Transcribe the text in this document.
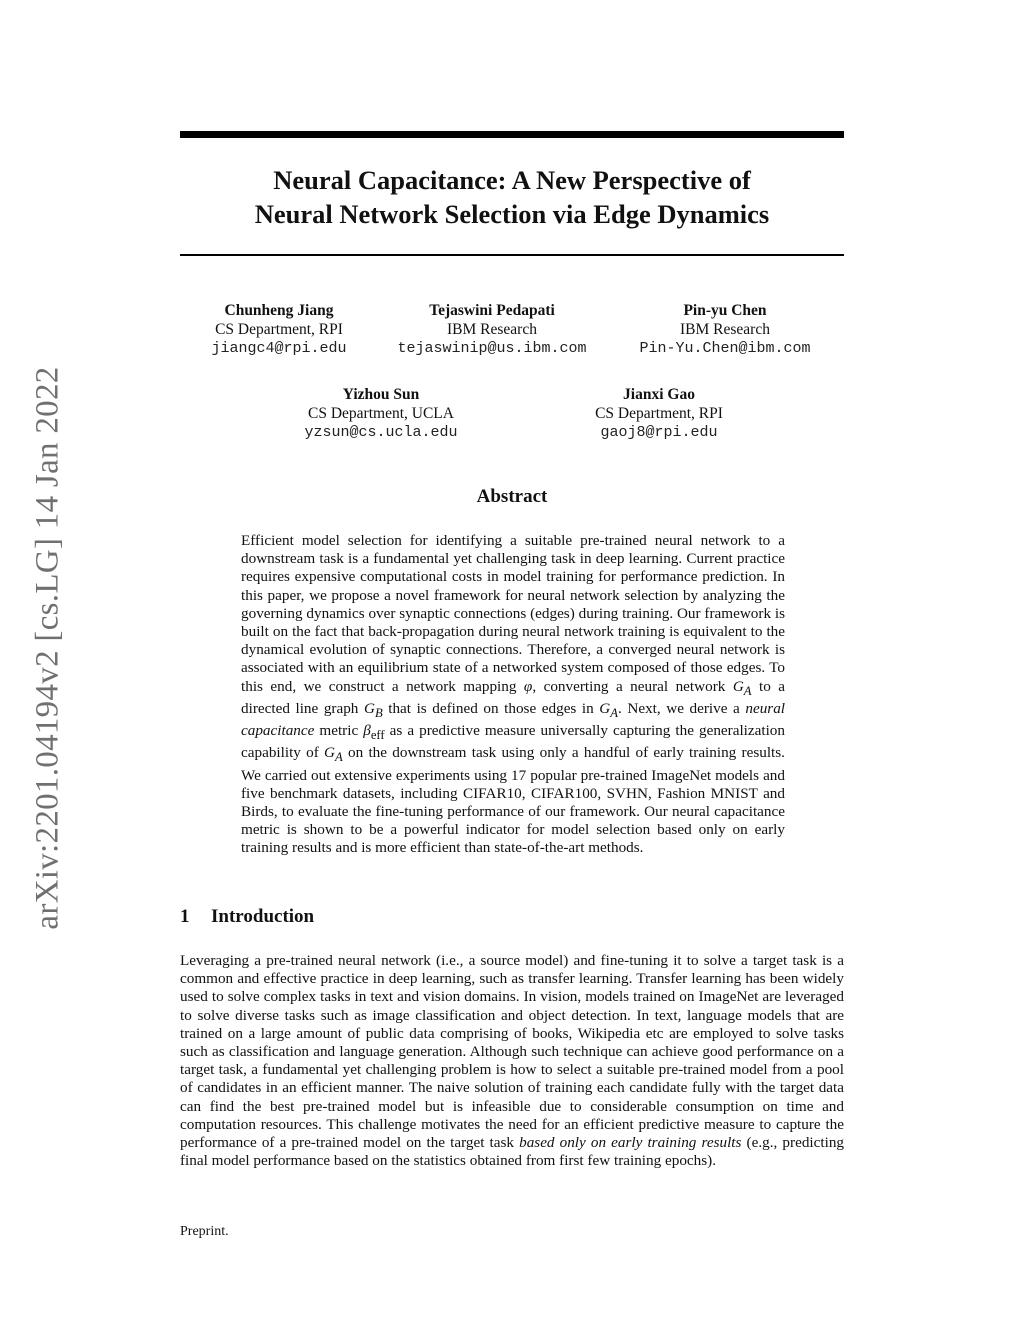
arXiv:2201.04194v2 [cs.LG] 14 Jan 2022
Neural Capacitance: A New Perspective of
Neural Network Selection via Edge Dynamics
Chunheng Jiang
CS Department, RPI
jiangc4@rpi.edu
Tejaswini Pedapati
IBM Research
tejaswinip@us.ibm.com
Pin-yu Chen
IBM Research
Pin-Yu.Chen@ibm.com
Yizhou Sun
CS Department, UCLA
yzsun@cs.ucla.edu
Jianxi Gao
CS Department, RPI
gaoj8@rpi.edu
Abstract

Efficient model selection for identifying a suitable pre-trained neural network to a downstream task is a fundamental yet challenging task in deep learning. Current practice requires expensive computational costs in model training for performance prediction. In this paper, we propose a novel framework for neural network selection by analyzing the governing dynamics over synaptic connections (edges) during training. Our framework is built on the fact that back-propagation during neural network training is equivalent to the dynamical evolution of synaptic connections. Therefore, a converged neural network is associated with an equilibrium state of a networked system composed of those edges. To this end, we construct a network mapping φ, converting a neural network $G_A$ to a directed line graph $G_B$ that is defined on those edges in $G_A$. Next, we derive a neural capacitance metric $\beta_{eff}$ as a predictive measure universally capturing the generalization capability of $G_A$ on the downstream task using only a handful of early training results. We carried out extensive experiments using 17 popular pre-trained ImageNet models and five benchmark datasets, including CIFAR10, CIFAR100, SVHN, Fashion MNIST and Birds, to evaluate the fine-tuning performance of our framework. Our neural capacitance metric is shown to be a powerful indicator for model selection based only on early training results and is more efficient than state-of-the-art methods.

1 Introduction

Leveraging a pre-trained neural network (i.e., a source model) and fine-tuning it to solve a target task is a common and effective practice in deep learning, such as transfer learning. Transfer learning has been widely used to solve complex tasks in text and vision domains. In vision, models trained on ImageNet are leveraged to solve diverse tasks such as image classification and object detection. In text, language models that are trained on a large amount of public data comprising of books, Wikipedia etc are employed to solve tasks such as classification and language generation. Although such technique can achieve good performance on a target task, a fundamental yet challenging problem is how to select a suitable pre-trained model from a pool of candidates in an efficient manner. The naive solution of training each candidate fully with the target data can find the best pre-trained model but is infeasible due to considerable consumption on time and computation resources. This challenge motivates the need for an efficient predictive measure to capture the performance of a pre-trained model on the target task based only on early training results (e.g., predicting final model performance based on the statistics obtained from first few training epochs).

Preprint.
